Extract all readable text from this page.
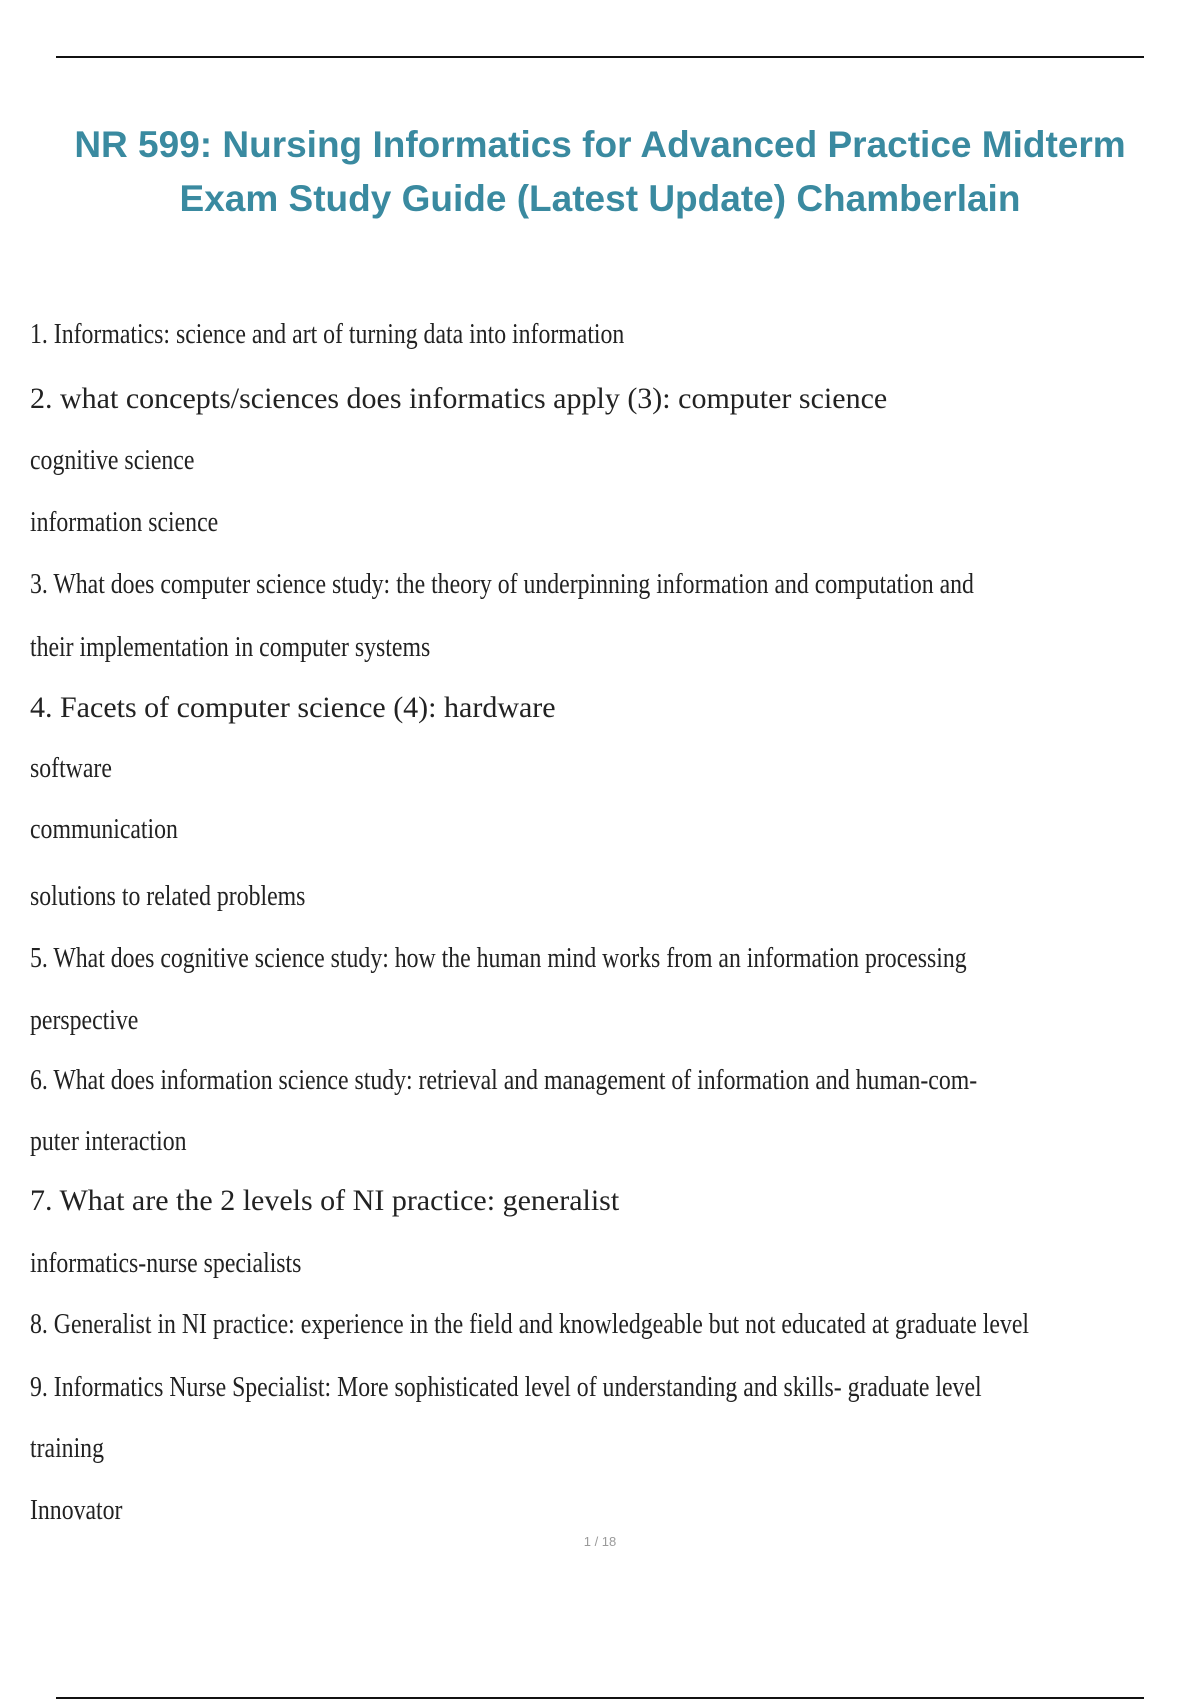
NR 599: Nursing Informatics for Advanced Practice Midterm
Exam Study Guide (Latest Update) Chamberlain
1. Informatics: science and art of turning data into information
2. what concepts/sciences does informatics apply (3): computer science
cognitive science
information science
3. What does computer science study: the theory of underpinning information and computation and
their implementation in computer systems
4. Facets of computer science (4): hardware
software
communication
solutions to related problems
5. What does cognitive science study: how the human mind works from an information processing
perspective
6. What does information science study: retrieval and management of information and human-com-
puter interaction
7. What are the 2 levels of NI practice: generalist
informatics-nurse specialists
8. Generalist in NI practice: experience in the field and knowledgeable but not educated at graduate level
9. Informatics Nurse Specialist: More sophisticated level of understanding and skills- graduate level
training
Innovator
1 / 18
